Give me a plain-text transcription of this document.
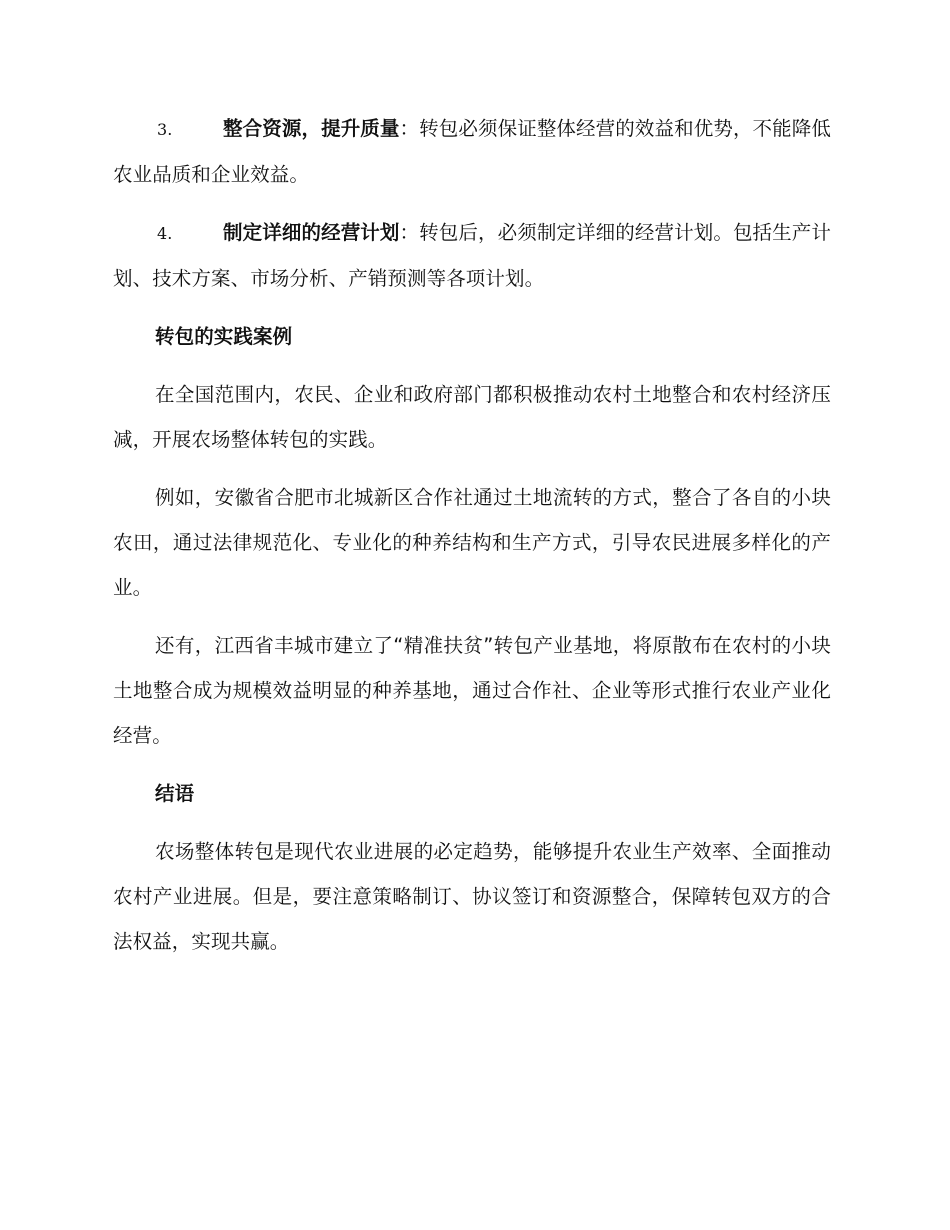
3.	整合资源，提升质量：转包必须保证整体经营的效益和优势，不能降低农业品质和企业效益。

4.	制定详细的经营计划：转包后，必须制定详细的经营计划。包括生产计划、技术方案、市场分析、产销预测等各项计划。

转包的实践案例

在全国范围内，农民、企业和政府部门都积极推动农村土地整合和农村经济压减，开展农场整体转包的实践。

例如，安徽省合肥市北城新区合作社通过土地流转的方式，整合了各自的小块农田，通过法律规范化、专业化的种养结构和生产方式，引导农民进展多样化的产业。

还有，江西省丰城市建立了“精准扶贫”转包产业基地，将原散布在农村的小块土地整合成为规模效益明显的种养基地，通过合作社、企业等形式推行农业产业化经营。

结语

农场整体转包是现代农业进展的必定趋势，能够提升农业生产效率、全面推动农村产业进展。但是，要注意策略制订、协议签订和资源整合，保障转包双方的合法权益，实现共赢。
